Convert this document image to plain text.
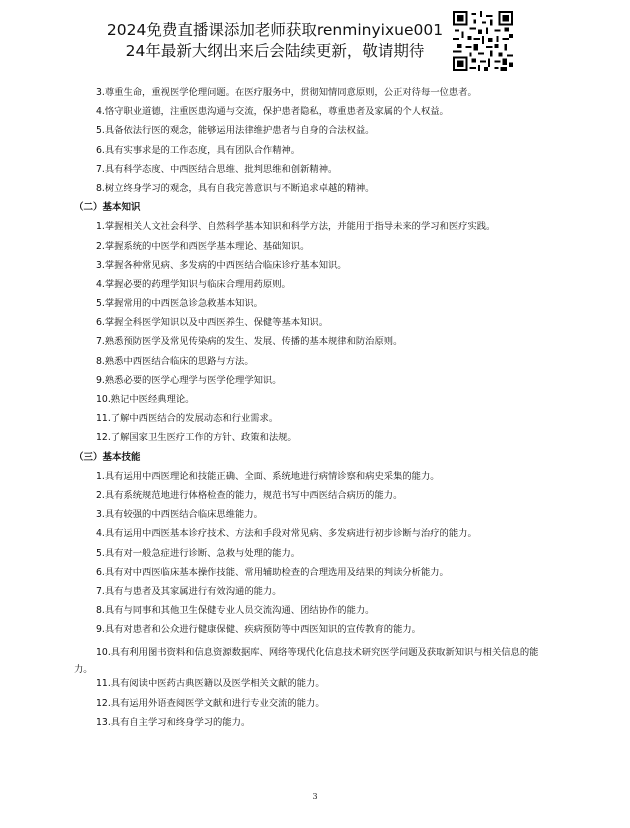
2024免费直播课添加老师获取renminyixue001
24年最新大纲出来后会陆续更新，敬请期待
3.尊重生命，重视医学伦理问题。在医疗服务中，贯彻知情同意原则，公正对待每一位患者。
4.恪守职业道德，注重医患沟通与交流，保护患者隐私，尊重患者及家属的个人权益。
5.具备依法行医的观念，能够运用法律维护患者与自身的合法权益。
6.具有实事求是的工作态度，具有团队合作精神。
7.具有科学态度、中西医结合思维、批判思维和创新精神。
8.树立终身学习的观念，具有自我完善意识与不断追求卓越的精神。
（二）基本知识
1.掌握相关人文社会科学、自然科学基本知识和科学方法，并能用于指导未来的学习和医疗实践。
2.掌握系统的中医学和西医学基本理论、基础知识。
3.掌握各种常见病、多发病的中西医结合临床诊疗基本知识。
4.掌握必要的药理学知识与临床合理用药原则。
5.掌握常用的中西医急诊急救基本知识。
6.掌握全科医学知识以及中西医养生、保健等基本知识。
7.熟悉预防医学及常见传染病的发生、发展、传播的基本规律和防治原则。
8.熟悉中西医结合临床的思路与方法。
9.熟悉必要的医学心理学与医学伦理学知识。
10.熟记中医经典理论。
11.了解中西医结合的发展动态和行业需求。
12.了解国家卫生医疗工作的方针、政策和法规。
（三）基本技能
1.具有运用中西医理论和技能正确、全面、系统地进行病情诊察和病史采集的能力。
2.具有系统规范地进行体格检查的能力，规范书写中西医结合病历的能力。
3.具有较强的中西医结合临床思维能力。
4.具有运用中西医基本诊疗技术、方法和手段对常见病、多发病进行初步诊断与治疗的能力。
5.具有对一般急症进行诊断、急救与处理的能力。
6.具有对中西医临床基本操作技能、常用辅助检查的合理选用及结果的判读分析能力。
7.具有与患者及其家属进行有效沟通的能力。
8.具有与同事和其他卫生保健专业人员交流沟通、团结协作的能力。
9.具有对患者和公众进行健康保健、疾病预防等中西医知识的宣传教育的能力。
10.具有利用图书资料和信息资源数据库、网络等现代化信息技术研究医学问题及获取新知识与相关信息的能力。
11.具有阅读中医药古典医籍以及医学相关文献的能力。
12.具有运用外语查阅医学文献和进行专业交流的能力。
13.具有自主学习和终身学习的能力。
3
